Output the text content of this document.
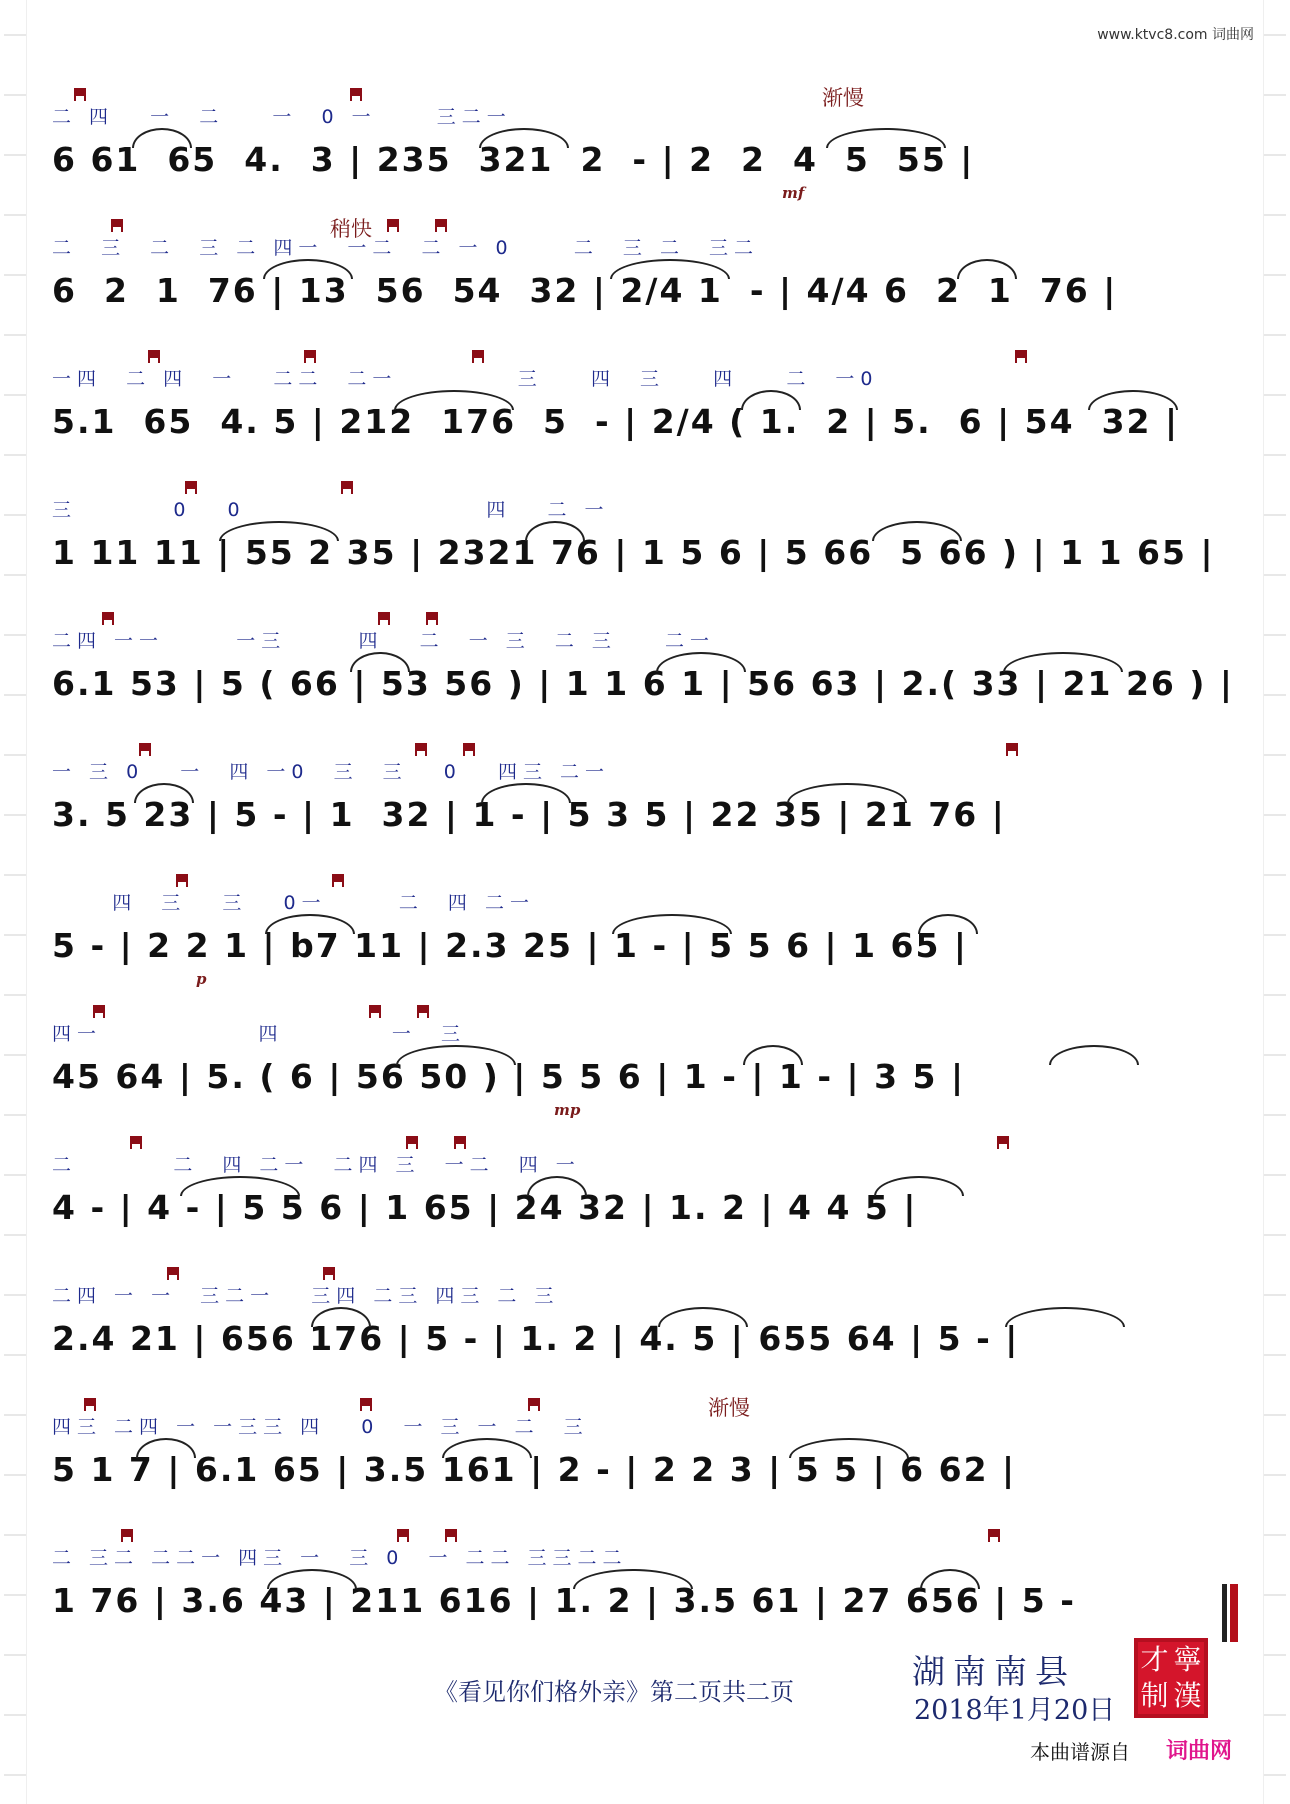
www.ktvc8.com 词曲网
二 四   一  二    一  0 一     三二一
6 61  65  4.  3 | 235  321  2  - | 2  2  4  5  55 |
渐慢
mf
二  三  二  三 二 四一  一二  二 一 0     二  三 二  三二
6  2  1  76 | 13  56  54  32 | 2/4 1  - | 4/4 6  2  1  76 |
稍快
一四  二 四  一   二二  二一          三    四  三    四    二  一0
5.1  65  4. 5 | 212  176  5  - | 2/4 ( 1.  2 | 5.  6 | 54  32 |
三        0   0                    四   二 一
1 11 11 | 55 2 35 | 2321 76 | 1 5 6 | 5 66  5 66 ) | 1 1 65 |
二四 一一      一三      四   二  一 三  二 三    二一
6.1 53 | 5 ( 66 | 53 56 ) | 1 1 6 1 | 56 63 | 2.( 33 | 21 26 ) |
一 三 0   一  四 一0  三  三   0   四三 二一
3. 5 23 | 5 - | 1  32 | 1 - | 5 3 5 | 22 35 | 21 76 |
四  三   三   0一      二  四 二一
5 - | 2 2 1 | b7 11 | 2.3 25 | 1 - | 5 5 6 | 1 65 |
p
四一             四         一  三
45 64 | 5. ( 6 | 56 50 ) | 5 5 6 | 1 - | 1 - | 3 5 |
mp
二        二  四 二一  二四 三  一二  四 一
4 - | 4 - | 5 5 6 | 1 65 | 24 32 | 1. 2 | 4 4 5 |
二四 一 一  三二一   三四 二三 四三 二 三
2.4 21 | 656 176 | 5 - | 1. 2 | 4. 5 | 655 64 | 5 - |
四三 二四 一 一三三 四   0  一 三 一 二  三
5 1 7 | 6.1 65 | 3.5 161 | 2 - | 2 2 3 | 5 5 | 6 62 |
渐慢
二 三二 二二一 四三 一  三 0  一 二二 三三二二
1 76 | 3.6 43 | 211 616 | 1. 2 | 3.5 61 | 27 656 | 5 -
《看见你们格外亲》第二页共二页
湖南南县
2018年1月20日
才 寧
制 漢
本曲谱源自 词曲网
